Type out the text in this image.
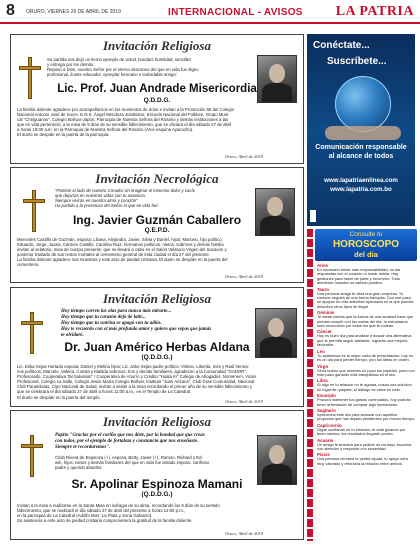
8 ORURO, VIERNES 26 DE ABRIL DE 2019	INTERNACIONAL - AVISOS LA PATRIA
Invitación Religiosa
Su partida nos dejó un tierno ejemplo de virtud, bondad, humildad, sencillez
y entrega por los demás.
Reposó a Dios, nuestro Señor por el eterno descanso del que en vida fue digno
profesional, ilustre educador, ejemplar hermano e inolvidable amigo:
Lic. Prof. Juan Andrade Misericordia
Q.D.D.G.
La familia doliente agradece por acompañarnos en los momentos de dolor e invitan a la Promoción 69 del Colegio
Nacional Antonio José de Sucre, E.N.S. Ángel Mendoza Justiniano, Escuela Nacional del Folklore, Grupo Musi-
cal "Chiriguanos", Colegio Bolívar-Japón, Parroquia de Nuestra Señora del Rosario y demás instituciones a las
que en vida perteneció, a la misa de 9 días de su sensible fallecimiento, que se oficiará el día sábado 27 de abril
a horas 19:00 a.m. en la Parroquia de Nuestra Señora del Rosario (Arce esquina Ayacucho).
El duelo se despide en la puerta de la parroquia.
Oruro, Abril de 2019
Invitación Necrológica
"Partiste al lado de nuestro Creador sin imaginar el inmenso dolor y vacío
que dejarías en nuestras vidas con tu ausencia.
Siempre vivirás en nuestra alma y corazón"
Ha partido a la presencia del Señor el que en vida fue:
Ing. Javier Guzmán Caballero
Q.E.P.D.
Mercedes Castillo de Guzmán, esposa; Liliana, Alejandra, Javier, Silvia y Daniel, hijos; Marcelo, hijo político;
Eduardo, Jorge, Juana, Carmen Castillo, Carolina Ruiz, hermanos políticos, nietos, sobrinos y demás familia
invitan al velatorio, misa de cuerpo presente, que se llevará a cabo en el Salón Velatorio Virgen del Socavón y
posterior traslado de sus restos mortales al cementerio general de ésta ciudad el día 27 del presente.
La familia doliente agradece sus muestras y este acto de piedad cristiana. El duelo se despide en la puerta del
cementerio.
Oruro, Abril de 2019
Invitación Religiosa
Hoy tiempo corren las olas para nunca más mirarte...
Hoy tiempo que tu corazón dejó de latir...
Hoy tiempo que tu sonrisa se apagó con tu adiós.
Hoy te recuerdo con el más profundo amor y quiero que sepas que jamás
te olvidaré.
Dr. Juan Américo Herbas Aldana
(Q.D.D.G.)
Lic. Erika Sejas Hurtado esposa; Daniel y Melina hijos; Lic. Jaho Sejas padre político; Virtinio, Liberita, Inés y Raúl herma-
nos políticos; Marcelo, Valeria, Camila y Matilda sobrinos; tíos y demás familiares, agradecen a la Comunidad "GADOR",
Profesorado, Cooperativa Tal Salvation" / Cooperativa de Ahorro y Crédito "Huala Ki" Colegio de Abogados, Nomenem, Vicios
Profesional, Colegio La Salle, Colegio Jesús María Colegio Bolívar, Instituto "Juan Arizaca", Club Gran Comunidad, Nacional
Club Paralelistas, Cipo Nacional de Salud, invitan a asistir a la misa recordando el primer año de su sensible fallecimiento y
que se celebrará el día sábado 27 de abril a horas 11:00 a.m., en el Templo de La Catedral.
El duelo se despide en la puerta del templo.
Oruro, Abril de 2019
Invitación Religiosa
Papito "Gracias por el cariño que nos diste, por la bondad que que creas
con todos, por el ejemplo de fortaleza y constancia que nos enseñaste.
Siempre te recordaremos".
Cirila Rivera de Espinoza (+), esposa; Betty, Javier (+), Ramiro, Richard y Ed-
win, hijos; nietos y demás familiares del que en vida fue amado esposo, cariñoso
padre y querido abuelito:
Sr. Apolinar Espinoza Mamani
(Q.D.D.G.)
Invitan a la misa a realizarse en la Santa Misa en sufragio de su alma, recordando los 9 días de su sentido
fallecimiento, que se realizará el día sábado 27 de abril del presente a horas 12:00 p.m.,
en la parroquia de La Catedral (Adolfo Mier; La Plata y Soria Galvarro).
Su asistencia a este acto de piedad cristiana comprometerá la gratitud de la familia doliente.
Oruro, Abril de 2019
Conéctate...
Suscríbete...
Comunicación responsable
al alcance de todos
www.lapatriaenlinea.com
www.lapatria.com.bo
Consulte tu
HOROSCOPO
del día
Aries
En necesario tomar más responsabilidad, no dar respuestas con el corazón ni tomar doblar. Hay gestiones para hacer de parte y recorrerlo. Todo alrededor muestra un cambio positivo.
Tauro
Una persona amiga te dará una gran sorpresa. Tu corazón seguirá de una forma tranquila. Con ese paso se apoyan en otra actividad apreciada en la que puedes descubrir otros tipos de llegar.
Géminis
Te darás cuenta que la fuerza de una amistad hace que puedas cumplir con tus metas del día; tu entusiasmo será reconocido por todos los que te rodean.
Cáncer
Hoy es buen día para analizar y buscar una alternativa que te permita seguir adelante, lograrás una mejoría favorable.
Leo
Tu apariencia es tu mejor carta de presentación; hoy no es un día para perder tiempo, pon tus ideas en orden.
Virgo
Sería bueno que ordenes un poco tus papeles, pues con este paso ganarás más tranquilidad en el día.
Libra
Si algo en tu relación no te agrada, busca una solución en lugar de quejarte; el diálogo es clave en todo.
Escorpio
Procura mantener tus gastos controlados, hoy podrías tener la tentación de comprar algo innecesario.
Sagitario
Aprovecha este día para avanzar con aquellos proyectos que has dejado pendientes por mucho tiempo.
Capricornio
Sigue confiando en tu intuición, te está guiando por buen camino; los resultados llegarán pronto.
Acuario
Un amigo te buscará para pedirte un consejo, escucha con atención y responde con sinceridad.
Piscis
Una persona cercana te pedirá ayuda, tu apoyo será muy valorado y reforzará la relación entre ambos.
